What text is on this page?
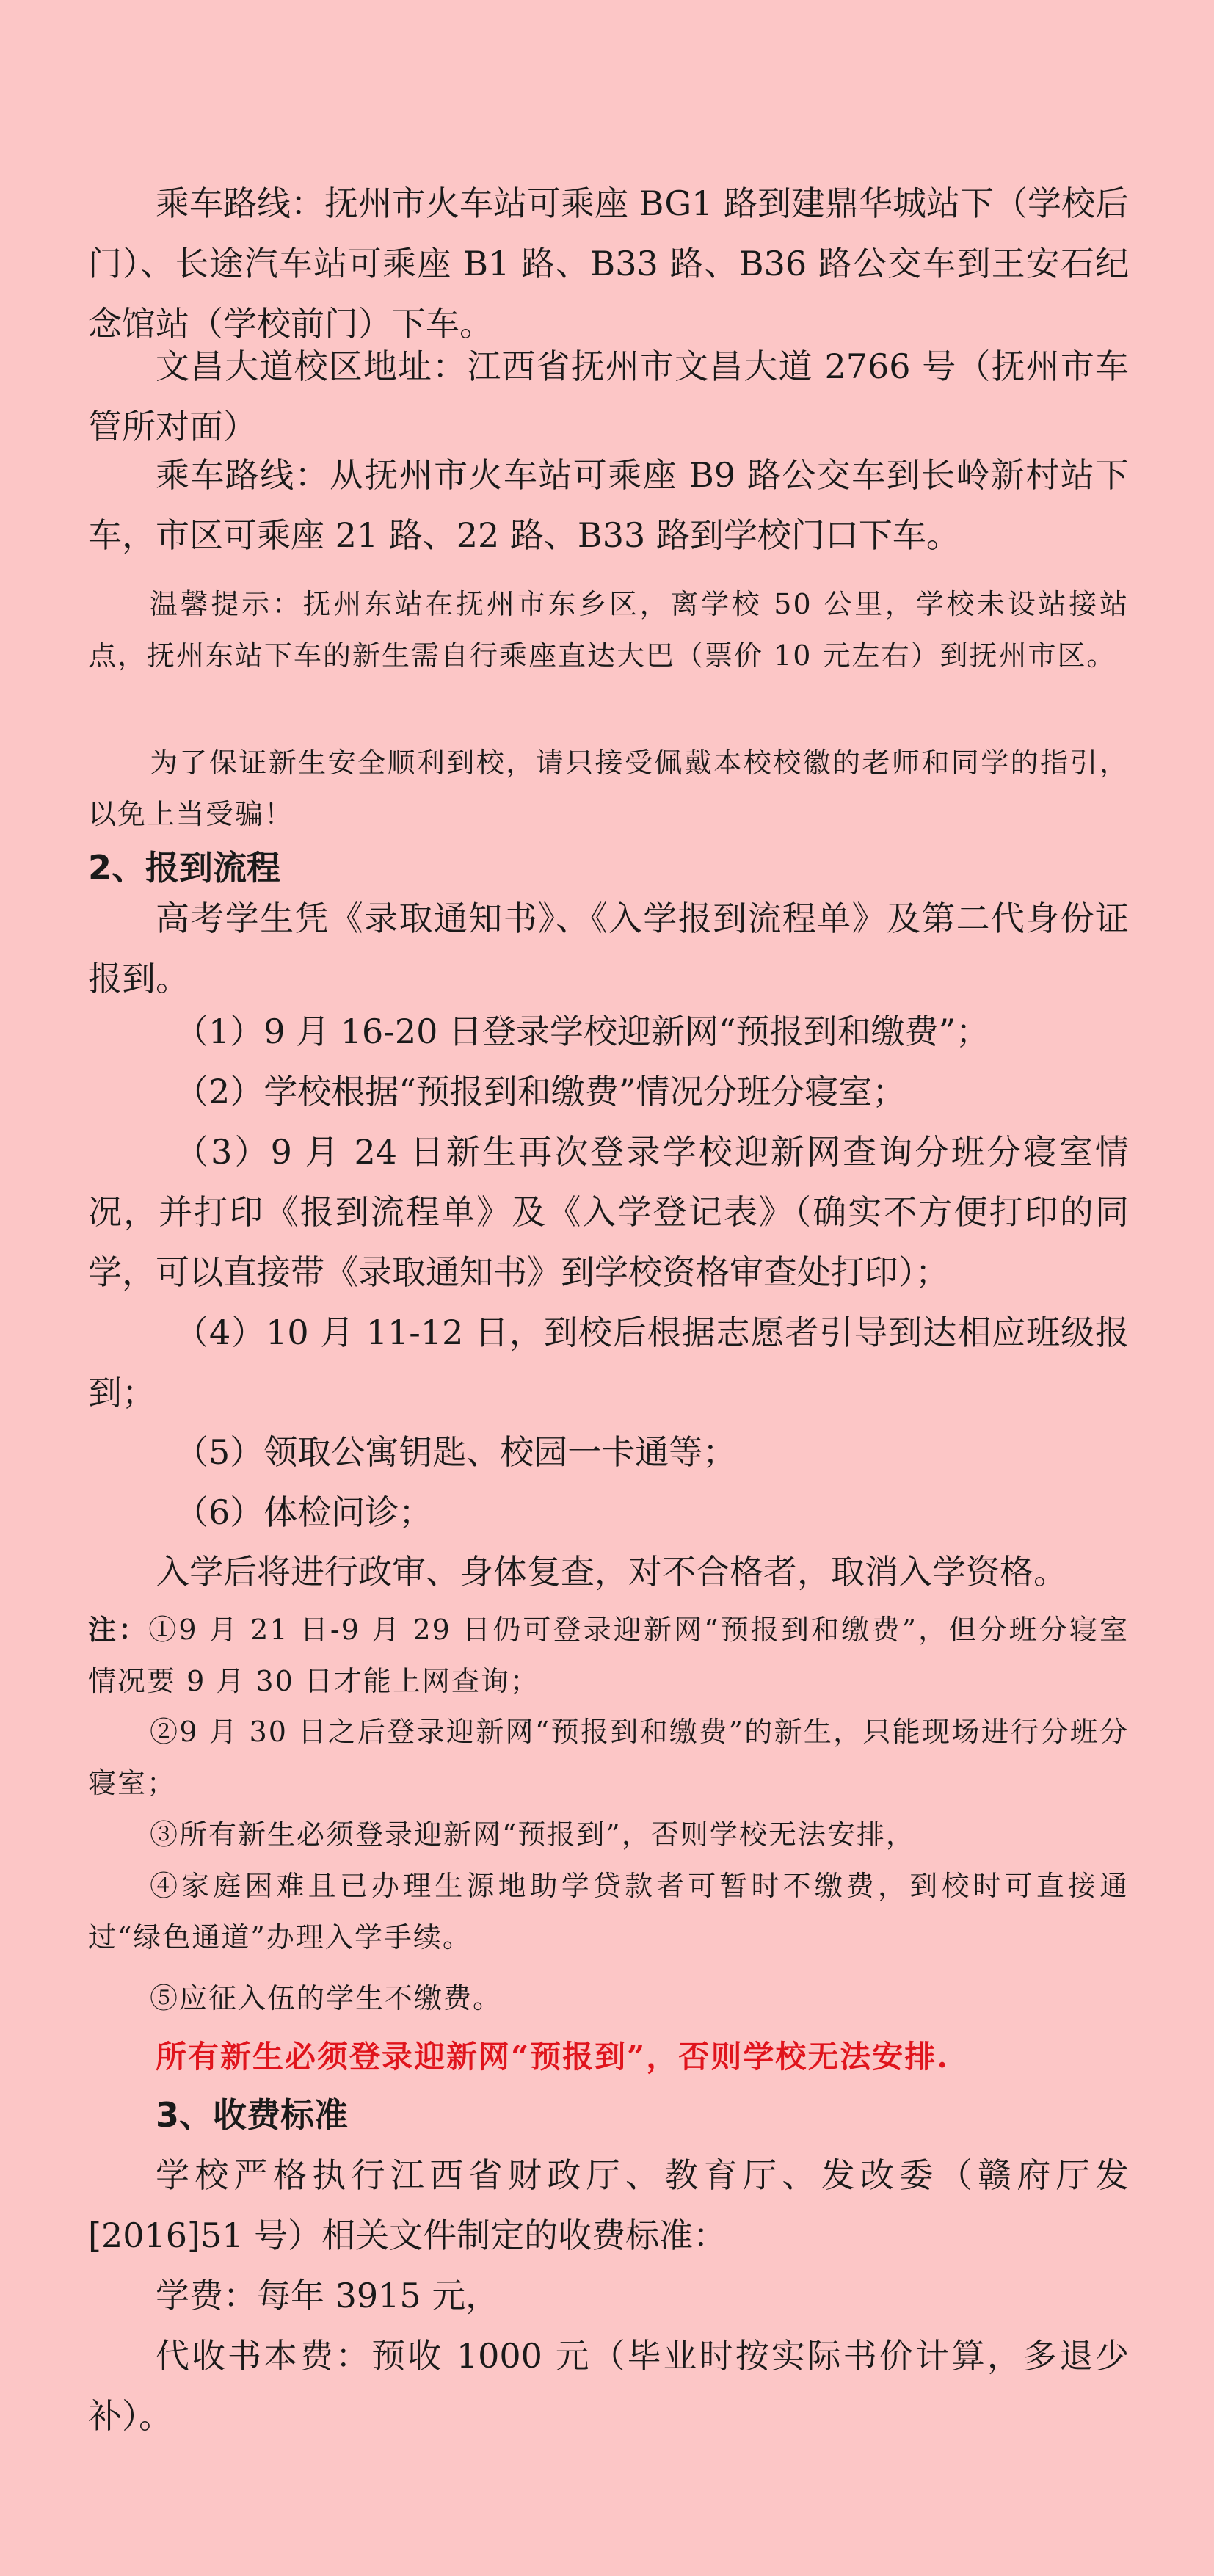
乘车路线：抚州市火车站可乘座 BG1 路到建鼎华城站下（学校后门）、长途汽车站可乘座 B1 路、B33 路、B36 路公交车到王安石纪念馆站（学校前门）下车。

文昌大道校区地址：江西省抚州市文昌大道 2766 号（抚州市车管所对面）

乘车路线：从抚州市火车站可乘座 B9 路公交车到长岭新村站下车，市区可乘座 21 路、22 路、B33 路到学校门口下车。

温馨提示：抚州东站在抚州市东乡区，离学校 50 公里，学校未设站接站点，抚州东站下车的新生需自行乘座直达大巴（票价 10 元左右）到抚州市区。

为了保证新生安全顺利到校，请只接受佩戴本校校徽的老师和同学的指引，以免上当受骗！

2、报到流程

高考学生凭《录取通知书》、《入学报到流程单》及第二代身份证报到。

（1）9 月 16-20 日登录学校迎新网“预报到和缴费”；

（2）学校根据“预报到和缴费”情况分班分寝室；

（3）9 月 24 日新生再次登录学校迎新网查询分班分寝室情况，并打印《报到流程单》及《入学登记表》（确实不方便打印的同学，可以直接带《录取通知书》到学校资格审查处打印）；

（4）10 月 11-12 日，到校后根据志愿者引导到达相应班级报到；

（5）领取公寓钥匙、校园一卡通等；

（6）体检问诊；

入学后将进行政审、身体复查，对不合格者，取消入学资格。

注：①9 月 21 日-9 月 29 日仍可登录迎新网“预报到和缴费”，但分班分寝室情况要 9 月 30 日才能上网查询；

②9 月 30 日之后登录迎新网“预报到和缴费”的新生，只能现场进行分班分寝室；

③所有新生必须登录迎新网“预报到”，否则学校无法安排，

④家庭困难且已办理生源地助学贷款者可暂时不缴费，到校时可直接通过“绿色通道”办理入学手续。

⑤应征入伍的学生不缴费。

所有新生必须登录迎新网“预报到”，否则学校无法安排.

3、收费标准

学校严格执行江西省财政厅、教育厅、发改委（赣府厅发[2016]51 号）相关文件制定的收费标准：

学费：每年 3915 元，

代收书本费：预收 1000 元（毕业时按实际书价计算，多退少补）。
